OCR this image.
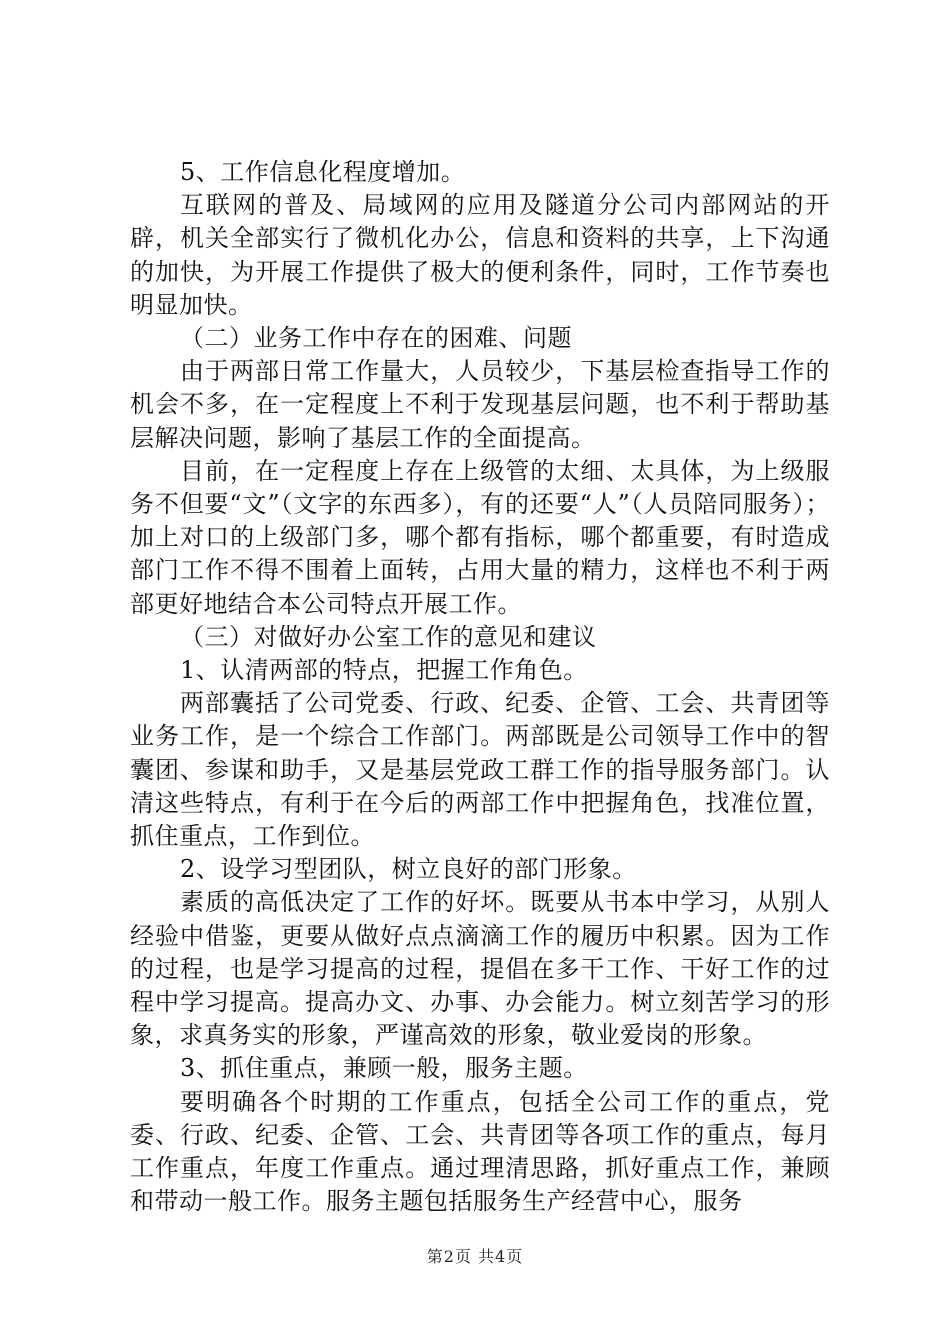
5、工作信息化程度增加。

互联网的普及、局域网的应用及隧道分公司内部网站的开辟，机关全部实行了微机化办公，信息和资料的共享，上下沟通的加快，为开展工作提供了极大的便利条件，同时，工作节奏也明显加快。

（二）业务工作中存在的困难、问题

由于两部日常工作量大，人员较少，下基层检查指导工作的机会不多，在一定程度上不利于发现基层问题，也不利于帮助基层解决问题，影响了基层工作的全面提高。

目前，在一定程度上存在上级管的太细、太具体，为上级服务不但要“文”（文字的东西多），有的还要“人”（人员陪同服务）；加上对口的上级部门多，哪个都有指标，哪个都重要，有时造成部门工作不得不围着上面转，占用大量的精力，这样也不利于两部更好地结合本公司特点开展工作。

（三）对做好办公室工作的意见和建议

1、认清两部的特点，把握工作角色。

两部囊括了公司党委、行政、纪委、企管、工会、共青团等业务工作，是一个综合工作部门。两部既是公司领导工作中的智囊团、参谋和助手，又是基层党政工群工作的指导服务部门。认清这些特点，有利于在今后的两部工作中把握角色，找准位置，抓住重点，工作到位。

2、设学习型团队，树立良好的部门形象。

素质的高低决定了工作的好坏。既要从书本中学习，从别人经验中借鉴，更要从做好点点滴滴工作的履历中积累。因为工作的过程，也是学习提高的过程，提倡在多干工作、干好工作的过程中学习提高。提高办文、办事、办会能力。树立刻苦学习的形象，求真务实的形象，严谨高效的形象，敬业爱岗的形象。

3、抓住重点，兼顾一般，服务主题。

要明确各个时期的工作重点，包括全公司工作的重点，党委、行政、纪委、企管、工会、共青团等各项工作的重点，每月工作重点，年度工作重点。通过理清思路，抓好重点工作，兼顾和带动一般工作。服务主题包括服务生产经营中心，服务

第2页 共4页
